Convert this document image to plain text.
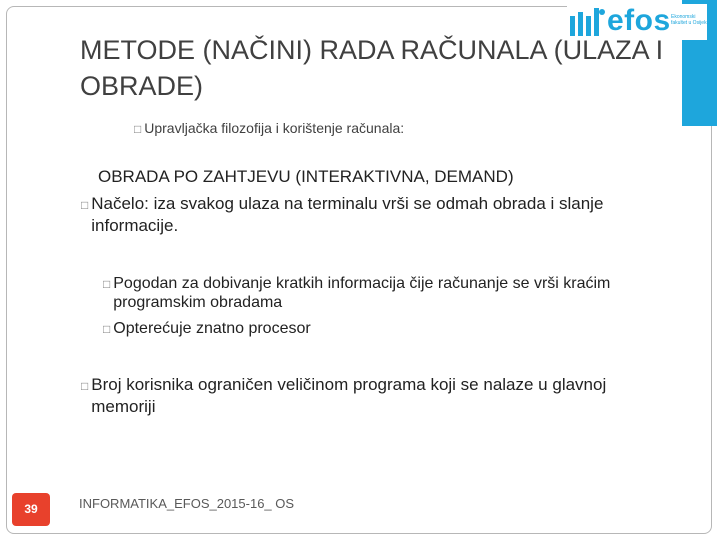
efos Ekonomski fakultet u Osijeku
METODE (NAČINI) RADA RAČUNALA (ULAZA I OBRADE)
□ Upravljačka filozofija i korištenje računala:
OBRADA PO ZAHTJEVU (INTERAKTIVNA, DEMAND)
□ Načelo: iza svakog ulaza na terminalu vrši se odmah obrada i slanje informacije.
□ Pogodan za dobivanje kratkih informacija čije računanje se vrši kraćim programskim obradama
□ Opterećuje znatno procesor
□ Broj korisnika ograničen veličinom programa koji se nalaze u glavnoj memoriji
39	INFORMATIKA_EFOS_2015-16_ OS
